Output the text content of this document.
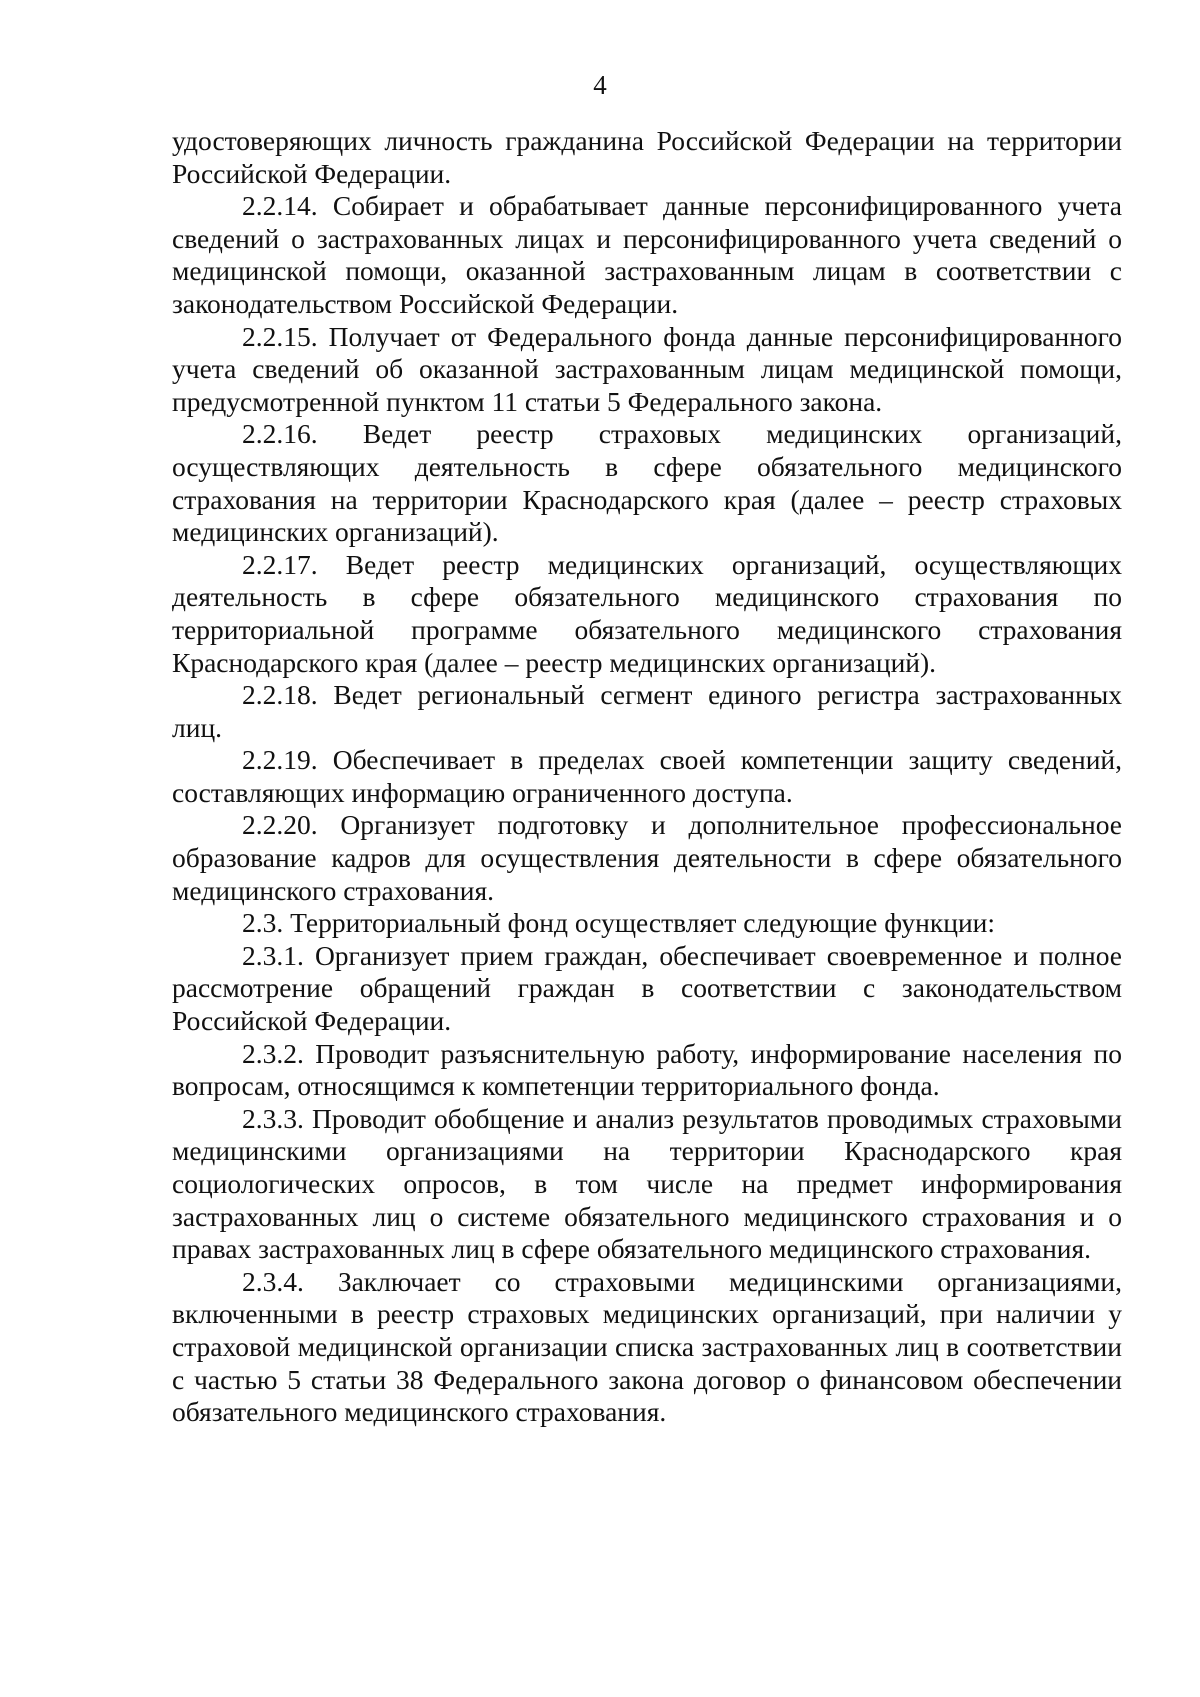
4

удостоверяющих личность гражданина Российской Федерации на территории Российской Федерации.

2.2.14. Собирает и обрабатывает данные персонифицированного учета сведений о застрахованных лицах и персонифицированного учета сведений о медицинской помощи, оказанной застрахованным лицам в соответствии с законодательством Российской Федерации.

2.2.15. Получает от Федерального фонда данные персонифицированного учета сведений об оказанной застрахованным лицам медицинской помощи, предусмотренной пунктом 11 статьи 5 Федерального закона.

2.2.16. Ведет реестр страховых медицинских организаций, осуществляющих деятельность в сфере обязательного медицинского страхования на территории Краснодарского края (далее – реестр страховых медицинских организаций).

2.2.17. Ведет реестр медицинских организаций, осуществляющих деятельность в сфере обязательного медицинского страхования по территориальной программе обязательного медицинского страхования Краснодарского края (далее – реестр медицинских организаций).

2.2.18. Ведет региональный сегмент единого регистра застрахованных лиц.

2.2.19. Обеспечивает в пределах своей компетенции защиту сведений, составляющих информацию ограниченного доступа.

2.2.20. Организует подготовку и дополнительное профессиональное образование кадров для осуществления деятельности в сфере обязательного медицинского страхования.

2.3. Территориальный фонд осуществляет следующие функции:

2.3.1. Организует прием граждан, обеспечивает своевременное и полное рассмотрение обращений граждан в соответствии с законодательством Российской Федерации.

2.3.2. Проводит разъяснительную работу, информирование населения по вопросам, относящимся к компетенции территориального фонда.

2.3.3. Проводит обобщение и анализ результатов проводимых страховыми медицинскими организациями на территории Краснодарского края социологических опросов, в том числе на предмет информирования застрахованных лиц о системе обязательного медицинского страхования и о правах застрахованных лиц в сфере обязательного медицинского страхования.

2.3.4. Заключает со страховыми медицинскими организациями, включенными в реестр страховых медицинских организаций, при наличии у страховой медицинской организации списка застрахованных лиц в соответствии с частью 5 статьи 38 Федерального закона договор о финансовом обеспечении обязательного медицинского страхования.
